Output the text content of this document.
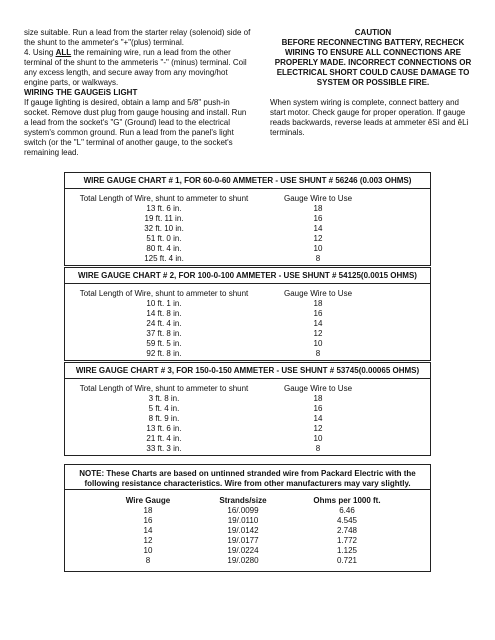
size suitable. Run a lead from the starter relay (solenoid) side of the shunt to the ammeter's "+"(plus) terminal.

4. Using ALL the remaining wire, run a lead from the other terminal of the shunt to the ammeteris "-" (minus) terminal. Coil any excess length, and secure away from any moving/hot engine parts, or walkways.

WIRING THE GAUGEiS LIGHT

If gauge lighting is desired, obtain a lamp and 5/8" push-in socket. Remove dust plug from gauge housing and install. Run a lead from the socket's "G" (Ground) lead to the electrical system's common ground. Run a lead from the panel's light switch (or the "L" terminal of another gauge, to the socket's remaining lead.

CAUTION

BEFORE RECONNECTING BATTERY, RECHECK WIRING TO ENSURE ALL CONNECTIONS ARE PROPERLY MADE. INCORRECT CONNECTIONS OR ELECTRICAL SHORT COULD CAUSE DAMAGE TO SYSTEM OR POSSIBLE FIRE.

When system wiring is complete, connect battery and start motor. Check gauge for proper operation. If gauge reads backwards, reverse leads at ammeter êSì and êLì terminals.

WIRE GAUGE CHART # 1, FOR 60-0-60 AMMETER - USE SHUNT # 56246 (0.003 OHMS)
Total Length of Wire, shunt to ammeter to shunt
13 ft. 6 in.
19 ft. 11 in.
32 ft. 10 in.
51 ft. 0 in.
80 ft. 4 in.
125 ft. 4 in.
Gauge Wire to Use
18
16
14
12
10
8
WIRE GAUGE CHART # 2, FOR 100-0-100 AMMETER - USE SHUNT # 54125(0.0015 OHMS)
Total Length of Wire, shunt to ammeter to shunt
10 ft. 1 in.
14 ft. 8 in.
24 ft. 4 in.
37 ft. 8 in.
59 ft. 5 in.
92 ft. 8 in.
Gauge Wire to Use
18
16
14
12
10
8
WIRE GAUGE CHART # 3, FOR 150-0-150 AMMETER - USE SHUNT # 53745(0.00065 OHMS)
Total Length of Wire, shunt to ammeter to shunt
3 ft. 8 in.
5 ft. 4 in.
8 ft. 9 in.
13 ft. 6 in.
21 ft. 4 in.
33 ft. 3 in.
Gauge Wire to Use
18
16
14
12
10
8
NOTE: These Charts are based on untinned stranded wire from Packard Electric with the following resistance characteristics. Wire from other manufacturers may vary slightly.
Wire Gauge
18
16
14
12
10
8
Strands/size
16/.0099
19/.0110
19/.0142
19/.0177
19/.0224
19/.0280
Ohms per 1000 ft.
6.46
4.545
2.748
1.772
1.125
0.721
